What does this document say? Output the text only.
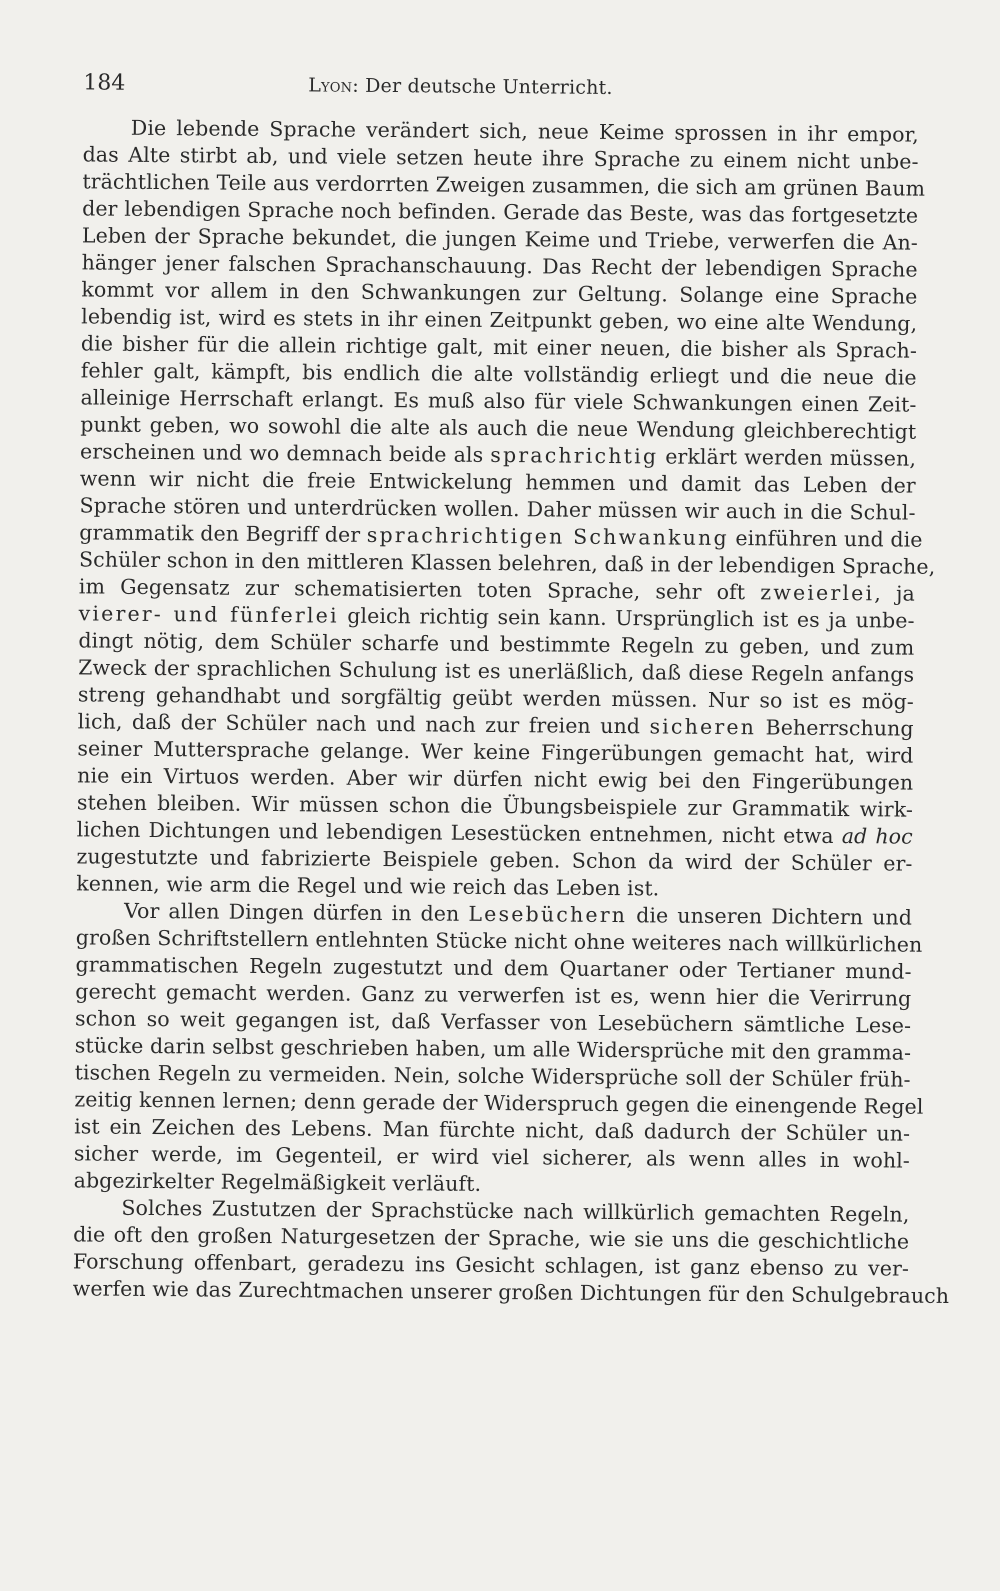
184	Lyon: Der deutsche Unterricht.
Die lebende Sprache verändert sich, neue Keime sprossen in ihr empor,
das Alte stirbt ab, und viele setzen heute ihre Sprache zu einem nicht unbe-
trächtlichen Teile aus verdorrten Zweigen zusammen, die sich am grünen Baum
der lebendigen Sprache noch befinden. Gerade das Beste, was das fortgesetzte
Leben der Sprache bekundet, die jungen Keime und Triebe, verwerfen die An-
hänger jener falschen Sprachanschauung. Das Recht der lebendigen Sprache
kommt vor allem in den Schwankungen zur Geltung. Solange eine Sprache
lebendig ist, wird es stets in ihr einen Zeitpunkt geben, wo eine alte Wendung,
die bisher für die allein richtige galt, mit einer neuen, die bisher als Sprach-
fehler galt, kämpft, bis endlich die alte vollständig erliegt und die neue die
alleinige Herrschaft erlangt. Es muß also für viele Schwankungen einen Zeit-
punkt geben, wo sowohl die alte als auch die neue Wendung gleichberechtigt
erscheinen und wo demnach beide als sprachrichtig erklärt werden müssen,
wenn wir nicht die freie Entwickelung hemmen und damit das Leben der
Sprache stören und unterdrücken wollen. Daher müssen wir auch in die Schul-
grammatik den Begriff der sprachrichtigen Schwankung einführen und die
Schüler schon in den mittleren Klassen belehren, daß in der lebendigen Sprache,
im Gegensatz zur schematisierten toten Sprache, sehr oft zweierlei, ja
vierer- und fünferlei gleich richtig sein kann. Ursprünglich ist es ja unbe-
dingt nötig, dem Schüler scharfe und bestimmte Regeln zu geben, und zum
Zweck der sprachlichen Schulung ist es unerläßlich, daß diese Regeln anfangs
streng gehandhabt und sorgfältig geübt werden müssen. Nur so ist es mög-
lich, daß der Schüler nach und nach zur freien und sicheren Beherrschung
seiner Muttersprache gelange. Wer keine Fingerübungen gemacht hat, wird
nie ein Virtuos werden. Aber wir dürfen nicht ewig bei den Fingerübungen
stehen bleiben. Wir müssen schon die Übungsbeispiele zur Grammatik wirk-
lichen Dichtungen und lebendigen Lesestücken entnehmen, nicht etwa ad hoc
zugestutzte und fabrizierte Beispiele geben. Schon da wird der Schüler er-
kennen, wie arm die Regel und wie reich das Leben ist.
Vor allen Dingen dürfen in den Lesebüchern die unseren Dichtern und
großen Schriftstellern entlehnten Stücke nicht ohne weiteres nach willkürlichen
grammatischen Regeln zugestutzt und dem Quartaner oder Tertianer mund-
gerecht gemacht werden. Ganz zu verwerfen ist es, wenn hier die Verirrung
schon so weit gegangen ist, daß Verfasser von Lesebüchern sämtliche Lese-
stücke darin selbst geschrieben haben, um alle Widersprüche mit den gramma-
tischen Regeln zu vermeiden. Nein, solche Widersprüche soll der Schüler früh-
zeitig kennen lernen; denn gerade der Widerspruch gegen die einengende Regel
ist ein Zeichen des Lebens. Man fürchte nicht, daß dadurch der Schüler un-
sicher werde, im Gegenteil, er wird viel sicherer, als wenn alles in wohl-
abgezirkelter Regelmäßigkeit verläuft.
Solches Zustutzen der Sprachstücke nach willkürlich gemachten Regeln,
die oft den großen Naturgesetzen der Sprache, wie sie uns die geschichtliche
Forschung offenbart, geradezu ins Gesicht schlagen, ist ganz ebenso zu ver-
werfen wie das Zurechtmachen unserer großen Dichtungen für den Schulgebrauch
